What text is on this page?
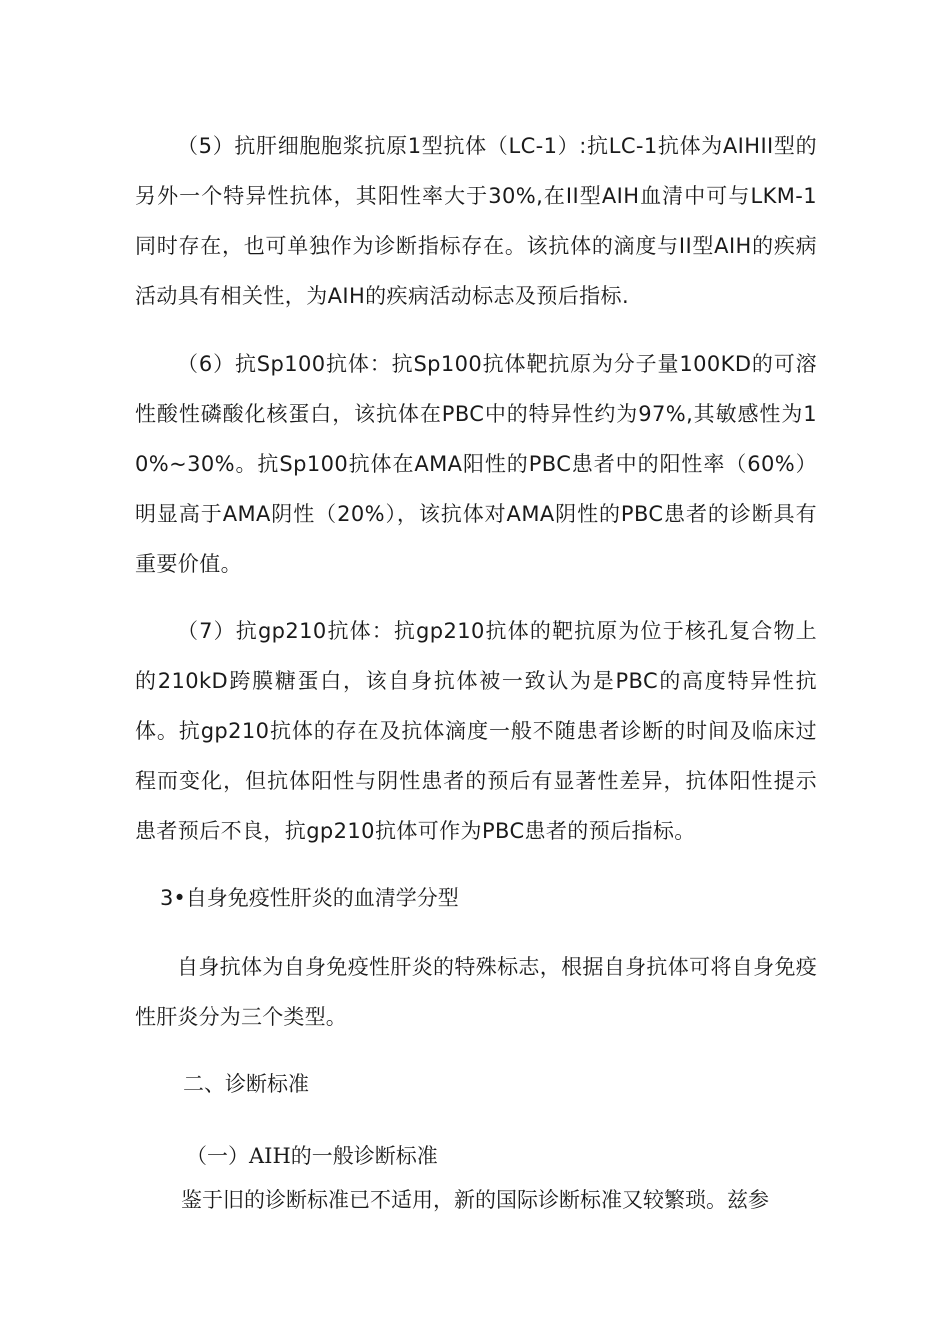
（5）抗肝细胞胞浆抗原1型抗体（LC-1）:抗LC-1抗体为AIHII型的另外一个特异性抗体，其阳性率大于30%,在II型AIH血清中可与LKM-1同时存在，也可单独作为诊断指标存在。该抗体的滴度与II型AIH的疾病活动具有相关性，为AIH的疾病活动标志及预后指标.

（6）抗Sp100抗体：抗Sp100抗体靶抗原为分子量100KD的可溶性酸性磷酸化核蛋白，该抗体在PBC中的特异性约为97%,其敏感性为10%~30%。抗Sp100抗体在AMA阳性的PBC患者中的阳性率（60%）明显高于AMA阴性（20%），该抗体对AMA阴性的PBC患者的诊断具有重要价值。

（7）抗gp210抗体：抗gp210抗体的靶抗原为位于核孔复合物上的210kD跨膜糖蛋白，该自身抗体被一致认为是PBC的高度特异性抗体。抗gp210抗体的存在及抗体滴度一般不随患者诊断的时间及临床过程而变化，但抗体阳性与阴性患者的预后有显著性差异，抗体阳性提示患者预后不良，抗gp210抗体可作为PBC患者的预后指标。

3•自身免疫性肝炎的血清学分型

自身抗体为自身免疫性肝炎的特殊标志，根据自身抗体可将自身免疫性肝炎分为三个类型。

二、诊断标准

（一）AIH的一般诊断标准

鉴于旧的诊断标准已不适用，新的国际诊断标准又较繁琐。兹参
